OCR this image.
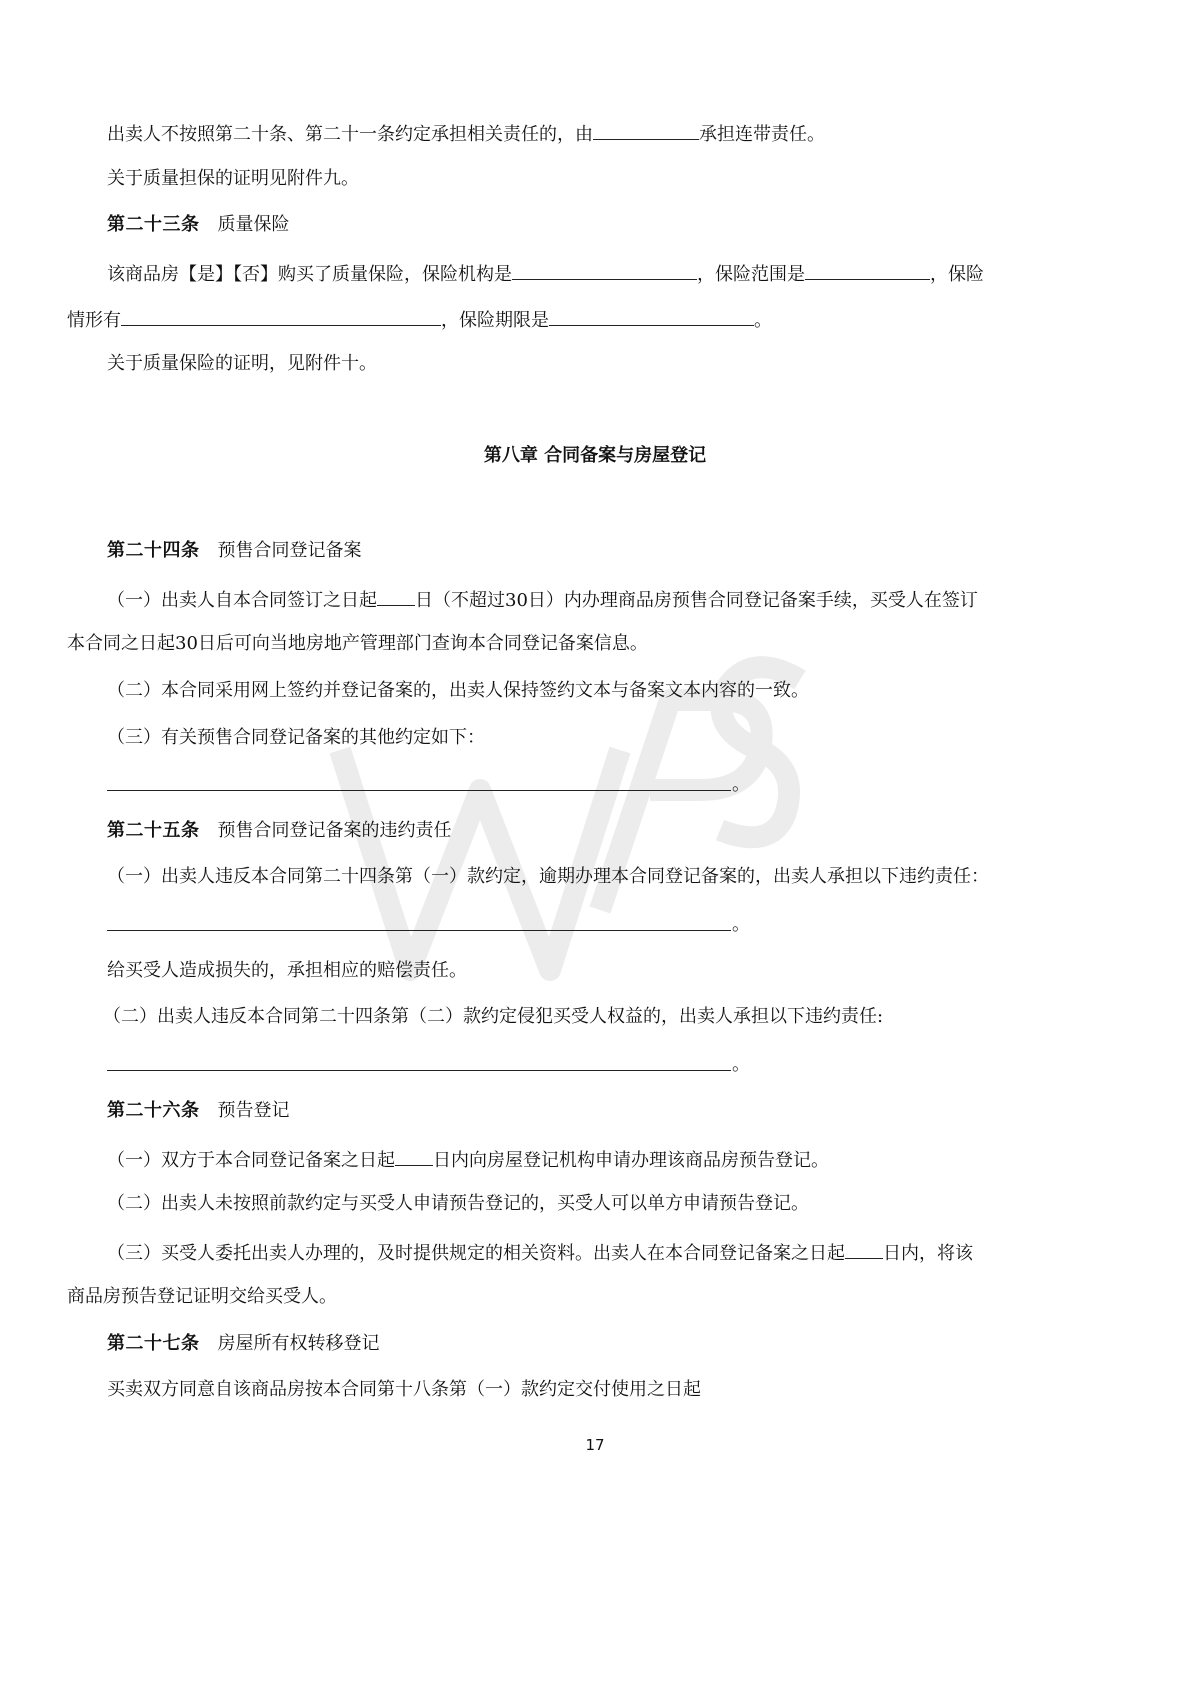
出卖人不按照第二十条、第二十一条约定承担相关责任的，由	承担连带责任。
关于质量担保的证明见附件九。
第二十三条 质量保险
该商品房【是】【否】购买了质量保险，保险机构是	，保险范围是	，保险
情形有	，保险期限是	。
关于质量保险的证明，见附件十。
第八章 合同备案与房屋登记
第二十四条 预售合同登记备案
（一）出卖人自本合同签订之日起 日（不超过30日）内办理商品房预售合同登记备案手续，买受人在签订
本合同之日起30日后可向当地房地产管理部门查询本合同登记备案信息。
（二）本合同采用网上签约并登记备案的，出卖人保持签约文本与备案文本内容的一致。
（三）有关预售合同登记备案的其他约定如下：
。
第二十五条 预售合同登记备案的违约责任
（一）出卖人违反本合同第二十四条第（一）款约定，逾期办理本合同登记备案的，出卖人承担以下违约责任：
。
给买受人造成损失的，承担相应的赔偿责任。
（二）出卖人违反本合同第二十四条第（二）款约定侵犯买受人权益的，出卖人承担以下违约责任:
。
第二十六条 预告登记
（一）双方于本合同登记备案之日起 日内向房屋登记机构申请办理该商品房预告登记。
（二）出卖人未按照前款约定与买受人申请预告登记的，买受人可以单方申请预告登记。
（三）买受人委托出卖人办理的，及时提供规定的相关资料。出卖人在本合同登记备案之日起 日内，将该
商品房预告登记证明交给买受人。
第二十七条 房屋所有权转移登记
买卖双方同意自该商品房按本合同第十八条第（一）款约定交付使用之日起
17
